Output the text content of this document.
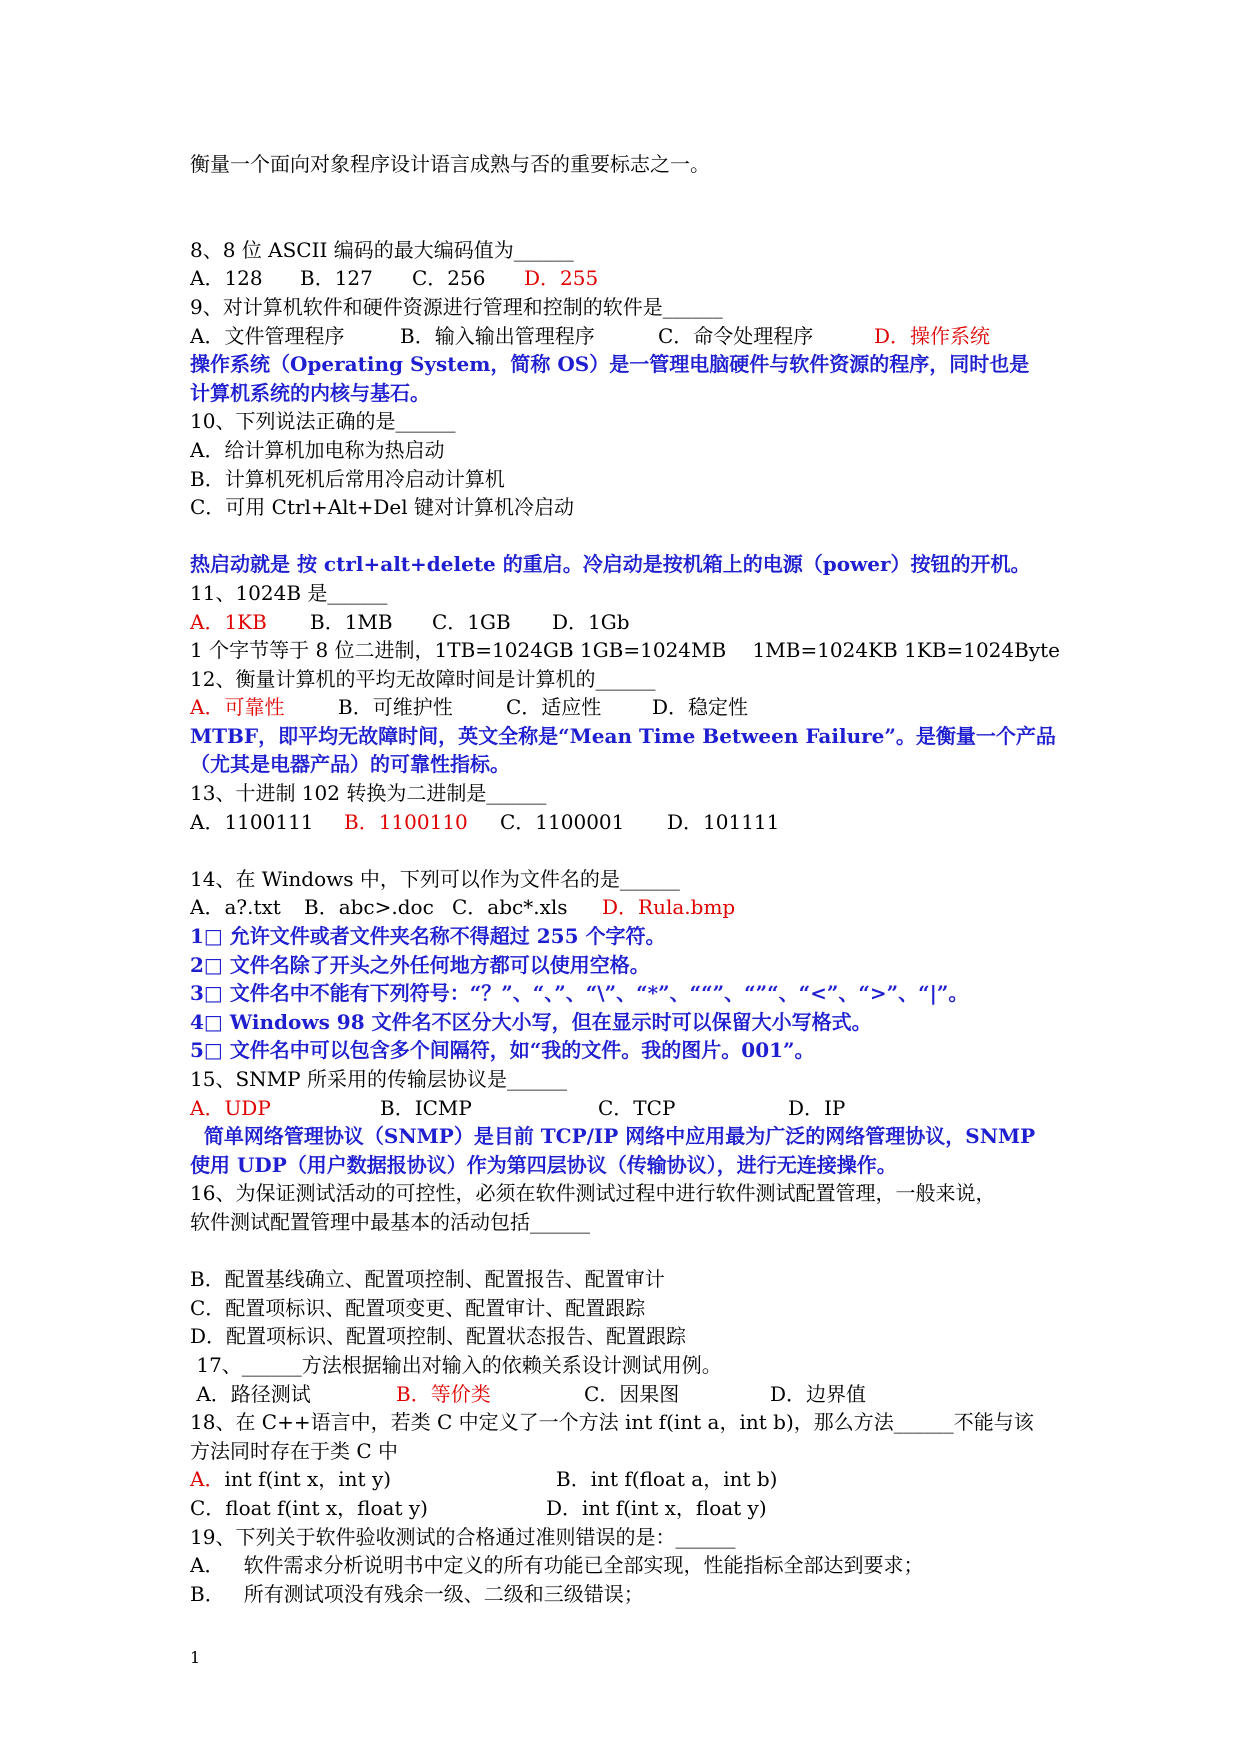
衡量一个面向对象程序设计语言成熟与否的重要标志之一。

8、8 位 ASCII 编码的最大编码值为______
A．128	B．127	C．256	D．255
9、对计算机软件和硬件资源进行管理和控制的软件是______
A．文件管理程序	B．输入输出管理程序	C．命令处理程序	D．操作系统
操作系统（Operating System，简称 OS）是一管理电脑硬件与软件资源的程序，同时也是
计算机系统的内核与基石。
10、下列说法正确的是______
A．给计算机加电称为热启动
B．计算机死机后常用冷启动计算机
C．可用 Ctrl+Alt+Del 键对计算机冷启动

热启动就是 按 ctrl+alt+delete 的重启。冷启动是按机箱上的电源（power）按钮的开机。
11、1024B 是______
A．1KB	B．1MB	C．1GB	D．1Gb
1 个字节等于 8 位二进制，1TB=1024GB 1GB=1024MB	1MB=1024KB 1KB=1024Byte
12、衡量计算机的平均无故障时间是计算机的______
A．可靠性	B．可维护性	C．适应性	D．稳定性
MTBF，即平均无故障时间，英文全称是“Mean Time Between Failure”。是衡量一个产品
（尤其是电器产品）的可靠性指标。
13、十进制 102 转换为二进制是______
A．1100111	B．1100110	C．1100001	D．101111

14、在 Windows 中，下列可以作为文件名的是______
A．a?.txt	B．abc>.doc C．abc*.xls	D．Rula.bmp
1□ 允许文件或者文件夹名称不得超过 255 个字符。
2□ 文件名除了开头之外任何地方都可以使用空格。
3□ 文件名中不能有下列符号：“？”、“、”、“\”、“*”、““”、“”“、“<”、“>”、“|”。
4□ Windows 98 文件名不区分大小写，但在显示时可以保留大小写格式。
5□ 文件名中可以包含多个间隔符，如“我的文件。我的图片。001”。
15、SNMP 所采用的传输层协议是______
A．UDP	B．ICMP	C．TCP	D．IP
简单网络管理协议（SNMP）是目前 TCP/IP 网络中应用最为广泛的网络管理协议，SNMP
使用 UDP（用户数据报协议）作为第四层协议（传输协议），进行无连接操作。
16、为保证测试活动的可控性，必须在软件测试过程中进行软件测试配置管理，一般来说，
软件测试配置管理中最基本的活动包括______

B．配置基线确立、配置项控制、配置报告、配置审计
C．配置项标识、配置项变更、配置审计、配置跟踪
D．配置项标识、配置项控制、配置状态报告、配置跟踪
17、______方法根据输出对输入的依赖关系设计测试用例。
A．路径测试	B．等价类	C．因果图	D．边界值
18、在 C++语言中，若类 C 中定义了一个方法 int f(int a，int b)，那么方法______不能与该
方法同时存在于类 C 中
A．int f(int x，int y)	B．int f(float a，int b)
C．float f(int x，float y)	D．int f(int x，float y)
19、下列关于软件验收测试的合格通过准则错误的是：______
A．   软件需求分析说明书中定义的所有功能已全部实现，性能指标全部达到要求；
B．   所有测试项没有残余一级、二级和三级错误；
1
